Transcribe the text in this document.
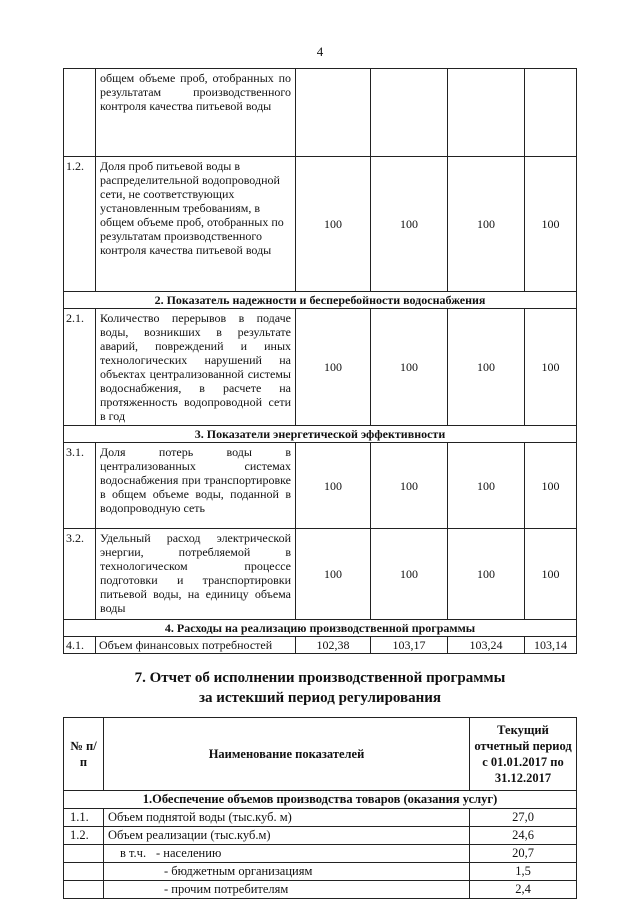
4
	общем объеме проб, отобранных по результатам производственного контроля качества питьевой воды				
1.2.	Доля проб питьевой воды в распределительной водопроводной сети, не соответствующих установленным требованиям, в общем объеме проб, отобранных по результатам производственного контроля качества питьевой воды	100	100	100	100
2. Показатель надежности и бесперебойности водоснабжения					
2.1.	Количество перерывов в подаче воды, возникших в результате аварий, повреждений и иных технологических нарушений на объектах централизованной системы водоснабжения, в расчете на протяженность водопроводной сети в год	100	100	100	100
3. Показатели энергетической эффективности					
3.1.	Доля потерь воды в централизованных системах водоснабжения при транспортировке в общем объеме воды, поданной в водопроводную сеть	100	100	100	100
3.2.	Удельный расход электрической энергии, потребляемой в технологическом процессе подготовки и транспортировки питьевой воды, на единицу объема воды	100	100	100	100
4. Расходы на реализацию производственной программы					
4.1.	Объем финансовых потребностей	102,38	103,17	103,24	103,14
7. Отчет об исполнении производственной программы
за истекший период регулирования
№ п/п	Наименование показателей	Текущий отчетный период с 01.01.2017 по 31.12.2017
1.Обеспечение объемов производства товаров (оказания услуг)		
1.1.	Объем поднятой воды (тыс.куб. м)	27,0
1.2.	Объем реализации (тыс.куб.м)	24,6
	в т.ч. - населению	20,7
	- бюджетным организациям	1,5
	- прочим потребителям	2,4
